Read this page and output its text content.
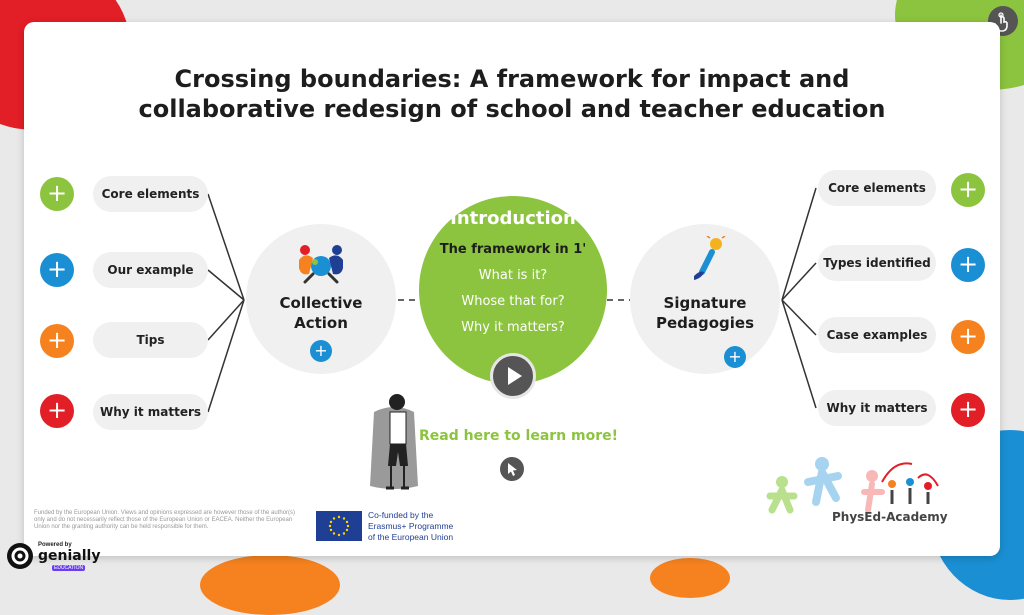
Crossing boundaries: A framework for impact and
collaborative redesign of school and teacher education
+	Core elements
+	Our example
+	Tips
+	Why it matters
Core elements	+
Types identified +
Case examples	+
Why it matters	+
Collective
Action
+
Signature
Pedagogies
+
Introduction
The framework in 1'
What is it?
Whose that for?
Why it matters?
Read here to learn more!
Funded by the European Union. Views and opinions expressed are however those of the author(s) only and do not necessarily reflect those of the European Union or EACEA. Neither the European Union nor the granting authority can be held responsible for them.
Co-funded by the
Erasmus+ Programme
of the European Union
PhysEd-Academy
Powered by
genially
EDUCATION
